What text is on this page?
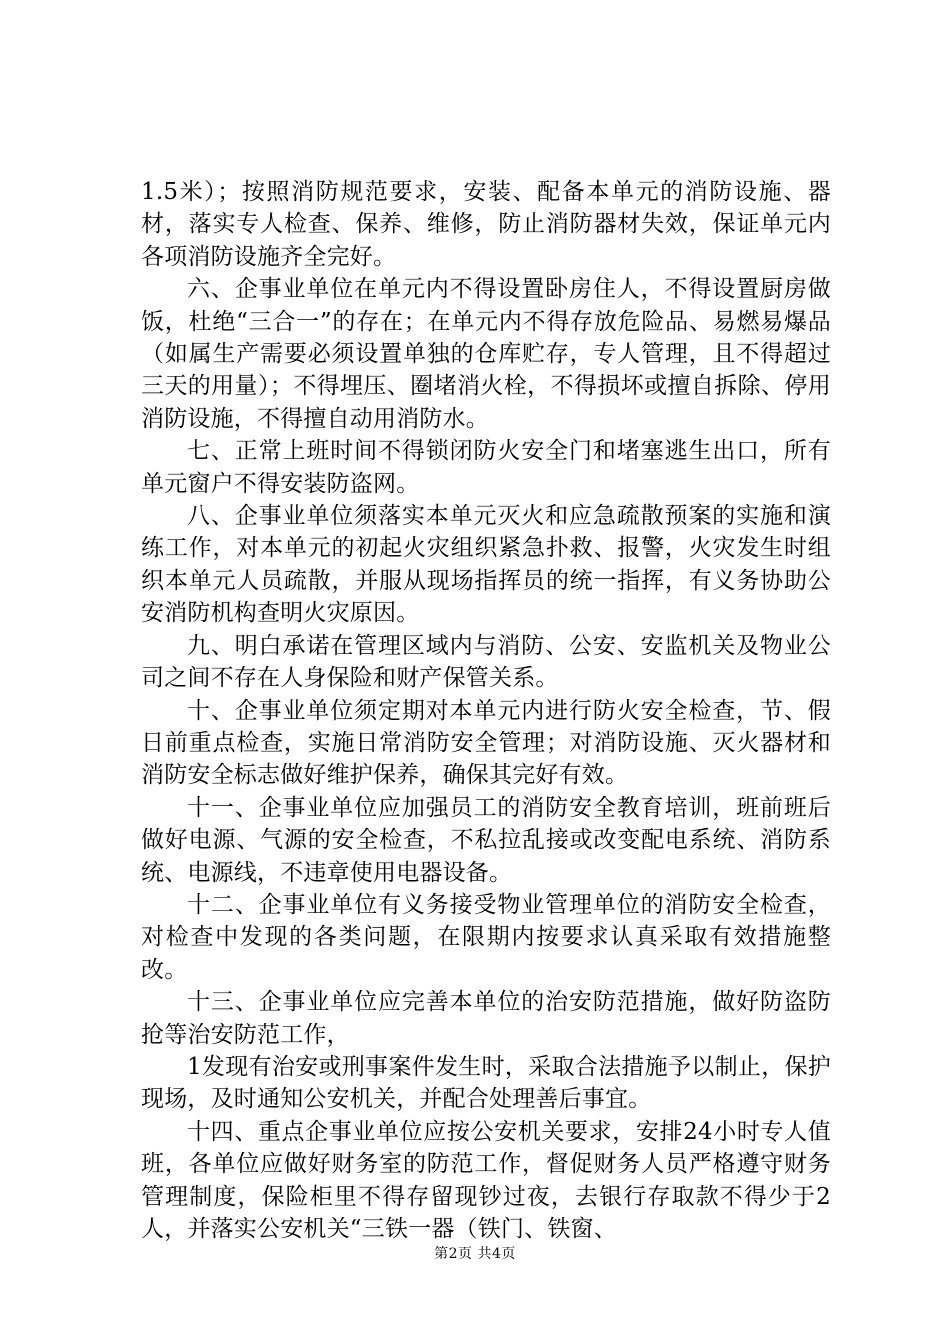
1.5米）；按照消防规范要求，安装、配备本单元的消防设施、器材，落实专人检查、保养、维修，防止消防器材失效，保证单元内各项消防设施齐全完好。

六、企事业单位在单元内不得设置卧房住人，不得设置厨房做饭，杜绝“三合一”的存在；在单元内不得存放危险品、易燃易爆品（如属生产需要必须设置单独的仓库贮存，专人管理，且不得超过三天的用量）；不得埋压、圈堵消火栓，不得损坏或擅自拆除、停用消防设施，不得擅自动用消防水。

七、正常上班时间不得锁闭防火安全门和堵塞逃生出口，所有单元窗户不得安装防盗网。

八、企事业单位须落实本单元灭火和应急疏散预案的实施和演练工作，对本单元的初起火灾组织紧急扑救、报警，火灾发生时组织本单元人员疏散，并服从现场指挥员的统一指挥，有义务协助公安消防机构查明火灾原因。

九、明白承诺在管理区域内与消防、公安、安监机关及物业公司之间不存在人身保险和财产保管关系。

十、企事业单位须定期对本单元内进行防火安全检查，节、假日前重点检查，实施日常消防安全管理；对消防设施、灭火器材和消防安全标志做好维护保养，确保其完好有效。

十一、企事业单位应加强员工的消防安全教育培训，班前班后做好电源、气源的安全检查，不私拉乱接或改变配电系统、消防系统、电源线，不违章使用电器设备。

十二、企事业单位有义务接受物业管理单位的消防安全检查，对检查中发现的各类问题，在限期内按要求认真采取有效措施整改。

十三、企事业单位应完善本单位的治安防范措施，做好防盗防抢等治安防范工作，

1发现有治安或刑事案件发生时，采取合法措施予以制止，保护现场，及时通知公安机关，并配合处理善后事宜。

十四、重点企事业单位应按公安机关要求，安排24小时专人值班，各单位应做好财务室的防范工作，督促财务人员严格遵守财务管理制度，保险柜里不得存留现钞过夜，去银行存取款不得少于2人，并落实公安机关“三铁一器（铁门、铁窗、

第2页 共4页
